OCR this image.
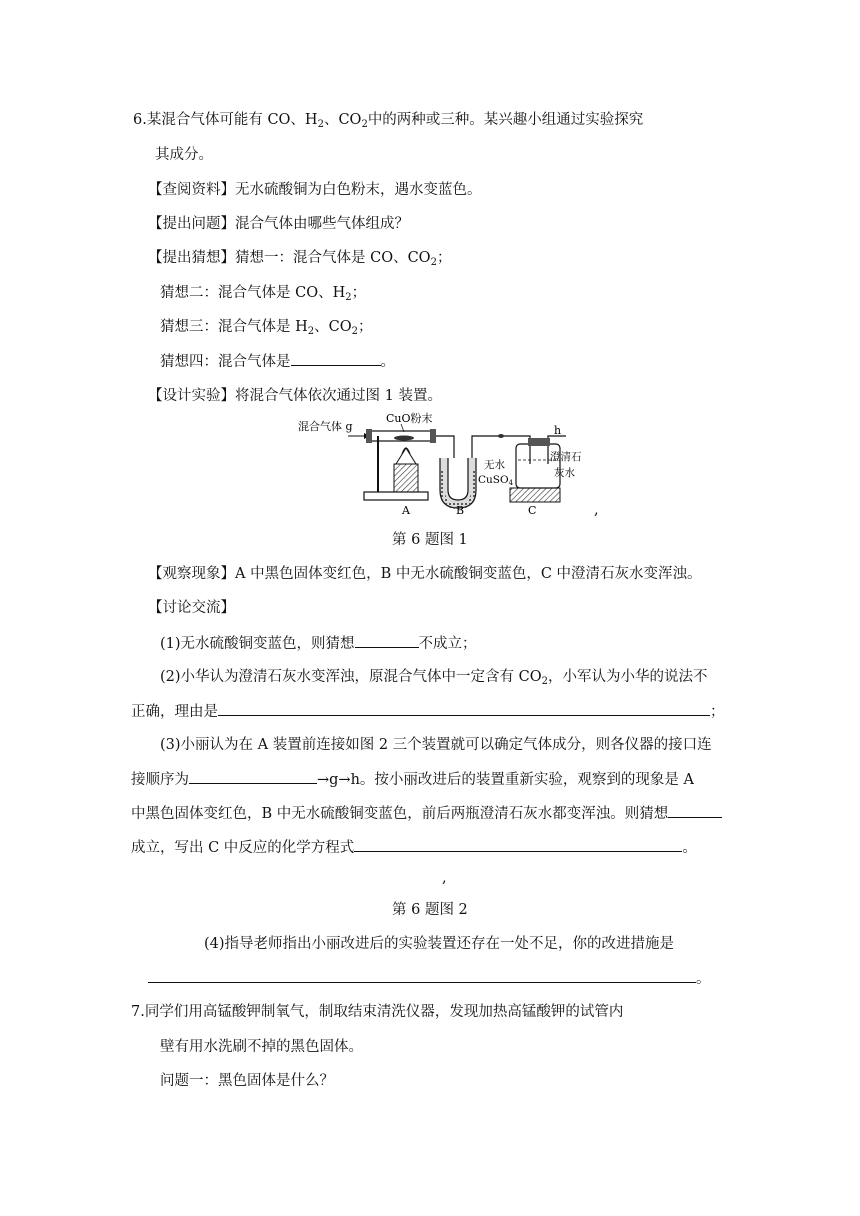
6.某混合气体可能有 CO、$H_2$、$CO_2$中的两种或三种。某兴趣小组通过实验探究
其成分。
【查阅资料】无水硫酸铜为白色粉末，遇水变蓝色。
【提出问题】混合气体由哪些气体组成？
【提出猜想】猜想一：混合气体是 CO、$CO_2$；
猜想二：混合气体是 CO、$H_2$；
猜想三：混合气体是 $H_2$、$CO_2$；
猜想四：混合气体是	。
【设计实验】将混合气体依次通过图 1 装置。
混合气体 g
CuO粉末
h
无水
CuSO4
澄清石
灰水
A	B	C	,
第 6 题图 1
【观察现象】A 中黑色固体变红色，B 中无水硫酸铜变蓝色，C 中澄清石灰水变浑浊。
【讨论交流】
(1)无水硫酸铜变蓝色，则猜想	不成立；
(2)小华认为澄清石灰水变浑浊，原混合气体中一定含有 $CO_2$，小军认为小华的说法不
正确，理由是	；
(3)小丽认为在 A 装置前连接如图 2 三个装置就可以确定气体成分，则各仪器的接口连
接顺序为	→g→h。按小丽改进后的装置重新实验，观察到的现象是 A
中黑色固体变红色，B 中无水硫酸铜变蓝色，前后两瓶澄清石灰水都变浑浊。则猜想
成立，写出 C 中反应的化学方程式	。
,
第 6 题图 2
(4)指导老师指出小丽改进后的实验装置还存在一处不足，你的改进措施是
。
7.同学们用高锰酸钾制氧气，制取结束清洗仪器，发现加热高锰酸钾的试管内
壁有用水洗刷不掉的黑色固体。
问题一：黑色固体是什么？
